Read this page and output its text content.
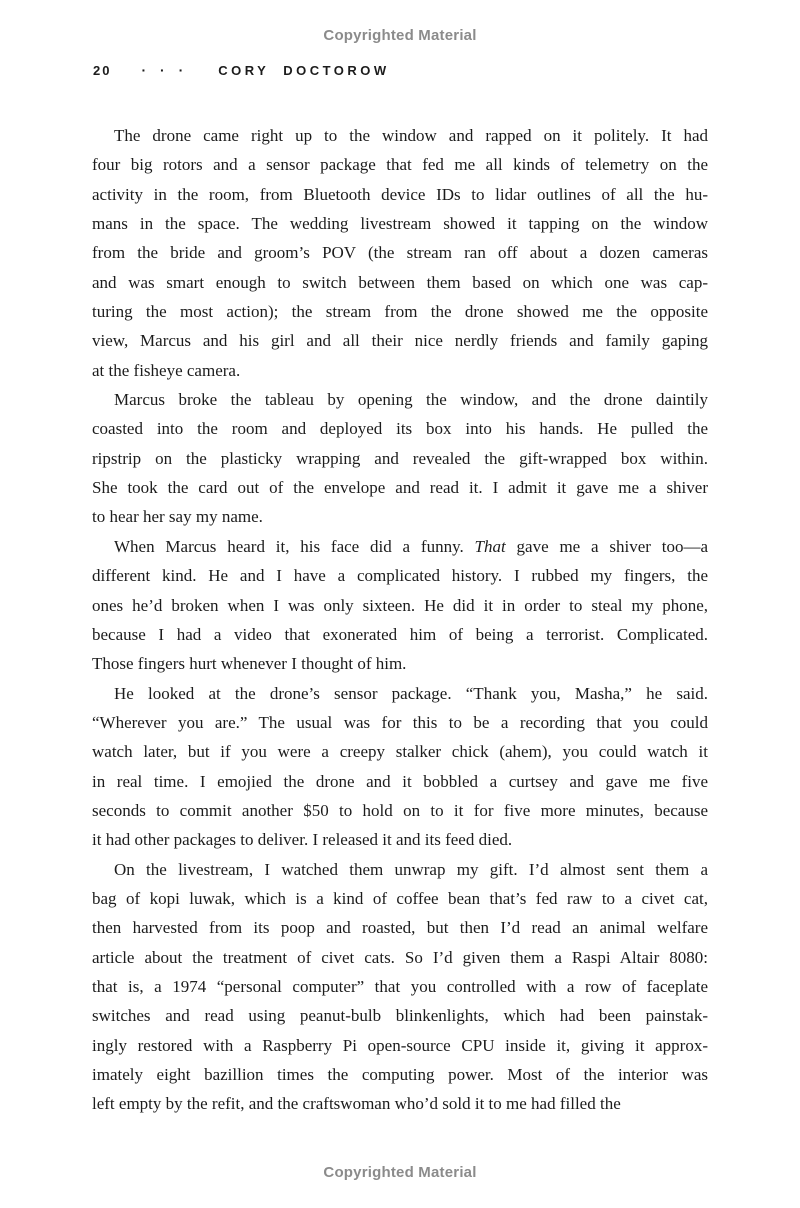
Copyrighted Material
20 · · · CORY DOCTOROW

The drone came right up to the window and rapped on it politely. It had
four big rotors and a sensor package that fed me all kinds of telemetry on the
activity in the room, from Bluetooth device IDs to lidar outlines of all the hu-
mans in the space. The wedding livestream showed it tapping on the window
from the bride and groom’s POV (the stream ran off about a dozen cameras
and was smart enough to switch between them based on which one was cap-
turing the most action); the stream from the drone showed me the opposite
view, Marcus and his girl and all their nice nerdly friends and family gaping
at the fisheye camera.

Marcus broke the tableau by opening the window, and the drone daintily
coasted into the room and deployed its box into his hands. He pulled the
ripstrip on the plasticky wrapping and revealed the gift-wrapped box within.
She took the card out of the envelope and read it. I admit it gave me a shiver
to hear her say my name.

When Marcus heard it, his face did a funny. That gave me a shiver too—a
different kind. He and I have a complicated history. I rubbed my fingers, the
ones he’d broken when I was only sixteen. He did it in order to steal my phone,
because I had a video that exonerated him of being a terrorist. Complicated.
Those fingers hurt whenever I thought of him.

He looked at the drone’s sensor package. “Thank you, Masha,” he said.
“Wherever you are.” The usual was for this to be a recording that you could
watch later, but if you were a creepy stalker chick (ahem), you could watch it
in real time. I emojied the drone and it bobbled a curtsey and gave me five
seconds to commit another $50 to hold on to it for five more minutes, because
it had other packages to deliver. I released it and its feed died.

On the livestream, I watched them unwrap my gift. I’d almost sent them a
bag of kopi luwak, which is a kind of coffee bean that’s fed raw to a civet cat,
then harvested from its poop and roasted, but then I’d read an animal welfare
article about the treatment of civet cats. So I’d given them a Raspi Altair 8080:
that is, a 1974 “personal computer” that you controlled with a row of faceplate
switches and read using peanut-bulb blinkenlights, which had been painstak-
ingly restored with a Raspberry Pi open-source CPU inside it, giving it approx-
imately eight bazillion times the computing power. Most of the interior was
left empty by the refit, and the craftswoman who’d sold it to me had filled the

Copyrighted Material
